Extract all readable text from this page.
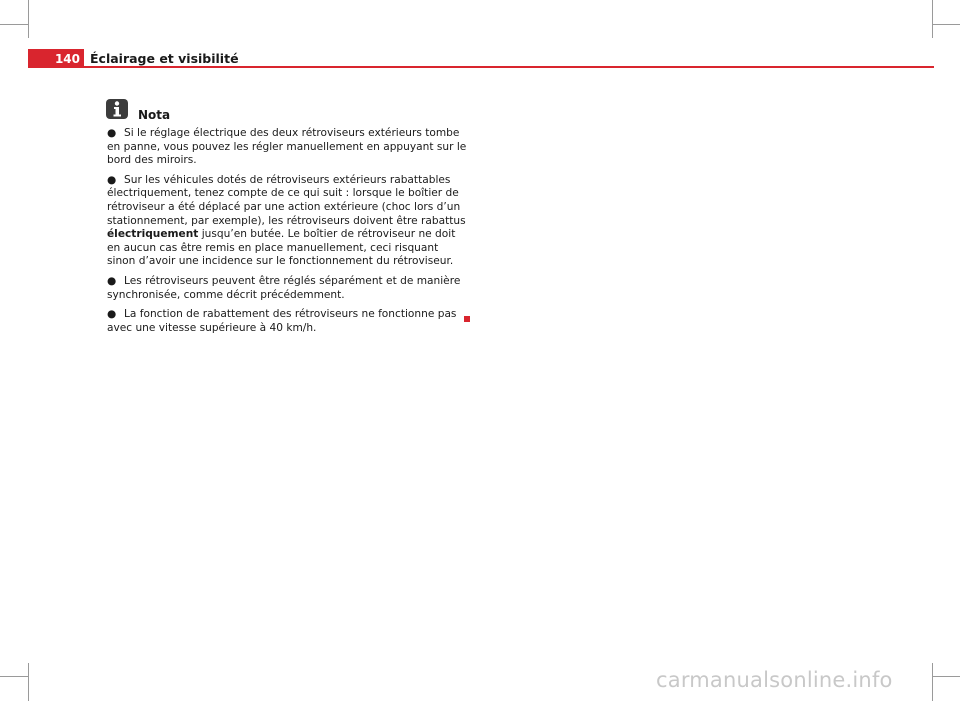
140 Éclairage et visibilité
Nota

● Si le réglage électrique des deux rétroviseurs extérieurs tombe en panne, vous pouvez les régler manuellement en appuyant sur le bord des miroirs.

● Sur les véhicules dotés de rétroviseurs extérieurs rabattables électriquement, tenez compte de ce qui suit : lorsque le boîtier de rétroviseur a été déplacé par une action extérieure (choc lors d’un stationnement, par exemple), les rétroviseurs doivent être rabattus électriquement jusqu’en butée. Le boîtier de rétroviseur ne doit en aucun cas être remis en place manuellement, ceci risquant sinon d’avoir une incidence sur le fonctionnement du rétroviseur.

● Les rétroviseurs peuvent être réglés séparément et de manière synchronisée, comme décrit précédemment.

● La fonction de rabattement des rétroviseurs ne fonctionne pas avec une vitesse supérieure à 40 km/h.

carmanualsonline.info
